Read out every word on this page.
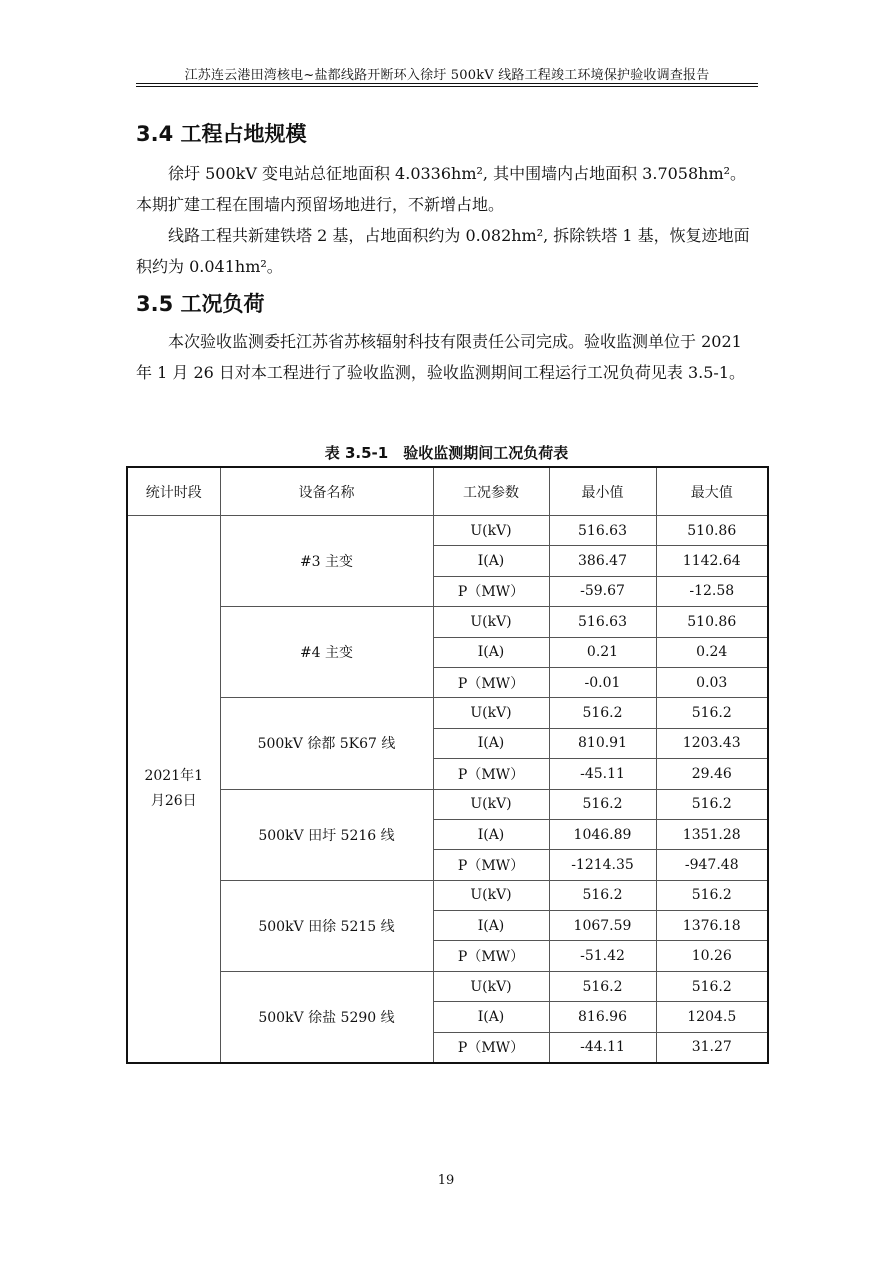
江苏连云港田湾核电~盐都线路开断环入徐圩 500kV 线路工程竣工环境保护验收调查报告
3.4 工程占地规模

徐圩 500kV 变电站总征地面积 4.0336hm², 其中围墙内占地面积 3.7058hm²。本期扩建工程在围墙内预留场地进行，不新增占地。

线路工程共新建铁塔 2 基，占地面积约为 0.082hm², 拆除铁塔 1 基，恢复迹地面积约为 0.041hm²。

3.5 工况负荷

本次验收监测委托江苏省苏核辐射科技有限责任公司完成。验收监测单位于 2021 年 1 月 26 日对本工程进行了验收监测，验收监测期间工程运行工况负荷见表 3.5-1。

表 3.5-1　验收监测期间工况负荷表
统计时段	设备名称	工况参数	最小值	最大值

2021年1月26日	#3 主变	U(kV)	516.63	510.86
		I(A)	386.47	1142.64
		P（MW）	-59.67	-12.58
	#4 主变	U(kV)	516.63	510.86
		I(A)	0.21	0.24
		P（MW）	-0.01	0.03
	500kV 徐都 5K67 线	U(kV)	516.2	516.2
		I(A)	810.91	1203.43
		P（MW）	-45.11	29.46
	500kV 田圩 5216 线	U(kV)	516.2	516.2
		I(A)	1046.89	1351.28
		P（MW）	-1214.35	-947.48
	500kV 田徐 5215 线	U(kV)	516.2	516.2
		I(A)	1067.59	1376.18
		P（MW）	-51.42	10.26
	500kV 徐盐 5290 线	U(kV)	516.2	516.2
		I(A)	816.96	1204.5
		P（MW）	-44.11	31.27
19
